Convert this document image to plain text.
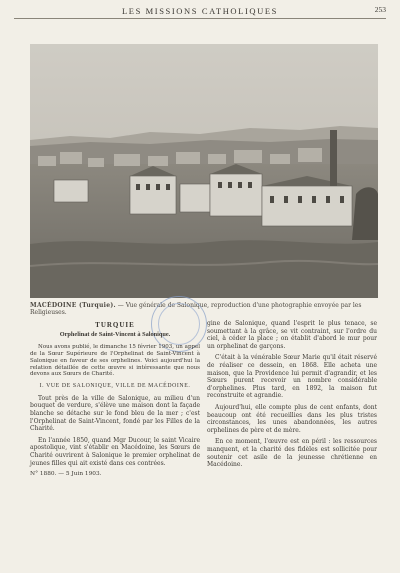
LES MISSIONS CATHOLIQUES	253
MACÉDOINE (Turquie). — Vue générale de Salonique, reproduction d'une photographie envoyée par les Religieuses.
TURQUIE
Orphelinat de Saint-Vincent à Salonique.

Nous avons publié, le dimanche 15 février 1903, un appel de la Sœur Supérieure de l'Orphelinat de Saint-Vincent à Salonique en faveur de ses orphelines. Voici aujourd'hui la relation détaillée de cette œuvre si intéressante que nous devons aux Sœurs de Charité.

I. VUE DE SALONIQUE, VILLE DE MACÉDOINE.

Tout près de la ville de Salonique, au milieu d'un bouquet de verdure, s'élève une maison dont la façade blanche se détache sur le fond bleu de la mer ; c'est l'Orphelinat de Saint-Vincent, fondé par les Filles de la Charité.

En l'année 1850, quand Mgr Ducour, le saint Vicaire apostolique, vint s'établir en Macédoine, les Sœurs de Charité ouvrirent à Salonique le premier orphelinat de jeunes filles qui ait existé dans ces contrées.

N° 1880. — 5 Juin 1903.

gine de Salonique, quand l'esprit le plus tenace, se soumettant à la grâce, se vit contraint, sur l'ordre du ciel, à céder la place ; on établit d'abord le mur pour un orphelinat de garçons.

C'était à la vénérable Sœur Marie qu'il était réservé de réaliser ce dessein, en 1868. Elle acheta une maison, que la Providence lui permit d'agrandir, et les Sœurs purent recevoir un nombre considérable d'orphelines. Plus tard, en 1892, la maison fut reconstruite et agrandie.

Aujourd'hui, elle compte plus de cent enfants, dont beaucoup ont été recueillies dans les plus tristes circonstances, les unes abandonnées, les autres orphelines de père et de mère.

En ce moment, l'œuvre est en péril : les ressources manquent, et la charité des fidèles est sollicitée pour soutenir cet asile de la jeunesse chrétienne en Macédoine.
